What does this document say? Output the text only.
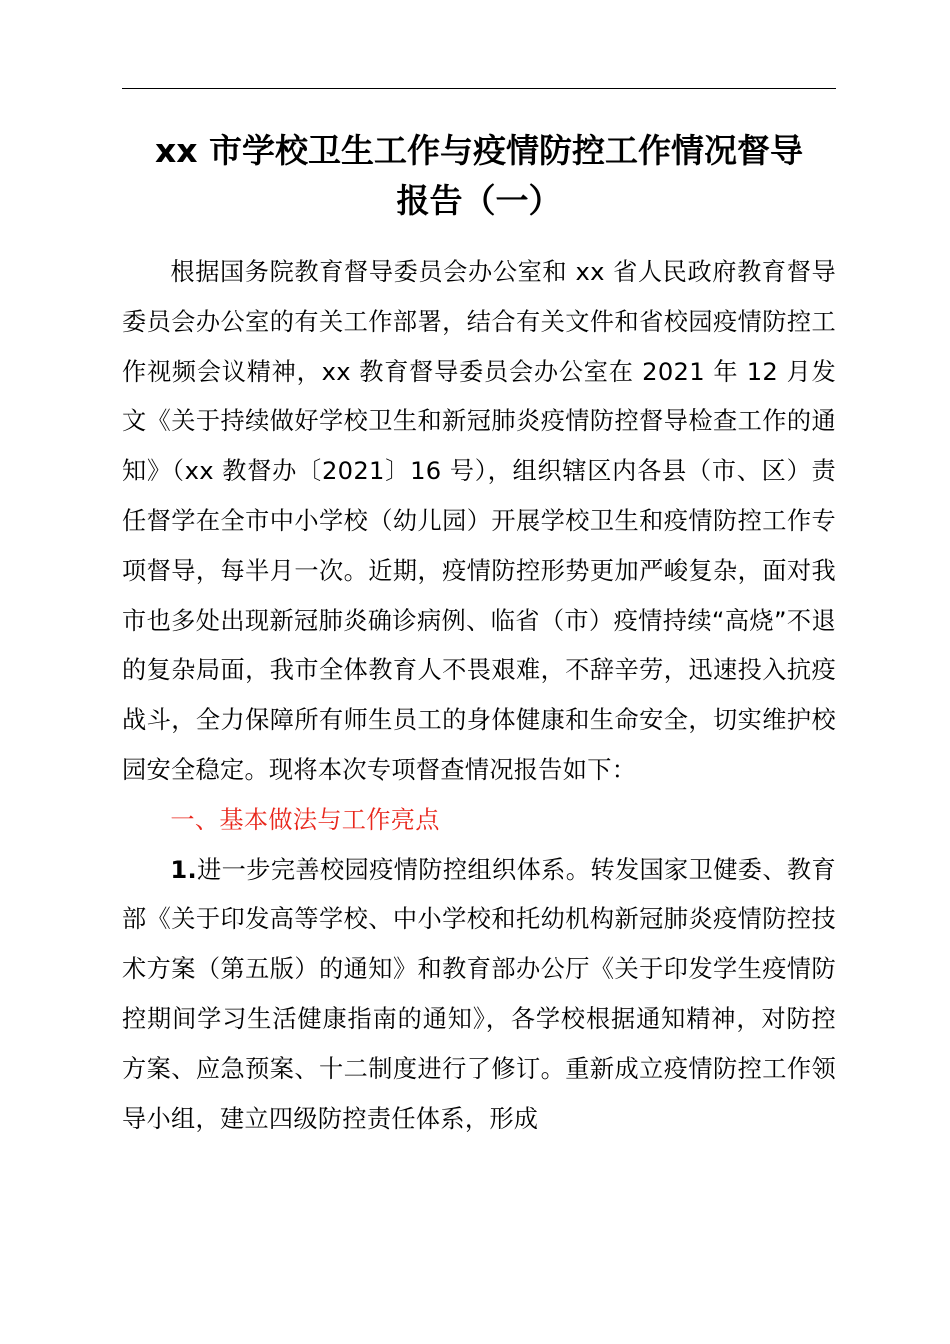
xx 市学校卫生工作与疫情防控工作情况督导
报告（一）

根据国务院教育督导委员会办公室和 xx 省人民政府教育督导委员会办公室的有关工作部署，结合有关文件和省校园疫情防控工作视频会议精神，xx 教育督导委员会办公室在 2021 年 12 月发文《关于持续做好学校卫生和新冠肺炎疫情防控督导检查工作的通知》（xx 教督办〔2021〕16 号），组织辖区内各县（市、区）责任督学在全市中小学校（幼儿园）开展学校卫生和疫情防控工作专项督导，每半月一次。近期，疫情防控形势更加严峻复杂，面对我市也多处出现新冠肺炎确诊病例、临省（市）疫情持续“高烧”不退的复杂局面，我市全体教育人不畏艰难，不辞辛劳，迅速投入抗疫战斗，全力保障所有师生员工的身体健康和生命安全，切实维护校园安全稳定。现将本次专项督查情况报告如下：

一、基本做法与工作亮点

1.进一步完善校园疫情防控组织体系。转发国家卫健委、教育部《关于印发高等学校、中小学校和托幼机构新冠肺炎疫情防控技术方案（第五版）的通知》和教育部办公厅《关于印发学生疫情防控期间学习生活健康指南的通知》，各学校根据通知精神，对防控方案、应急预案、十二制度进行了修订。重新成立疫情防控工作领导小组，建立四级防控责任体系，形成
